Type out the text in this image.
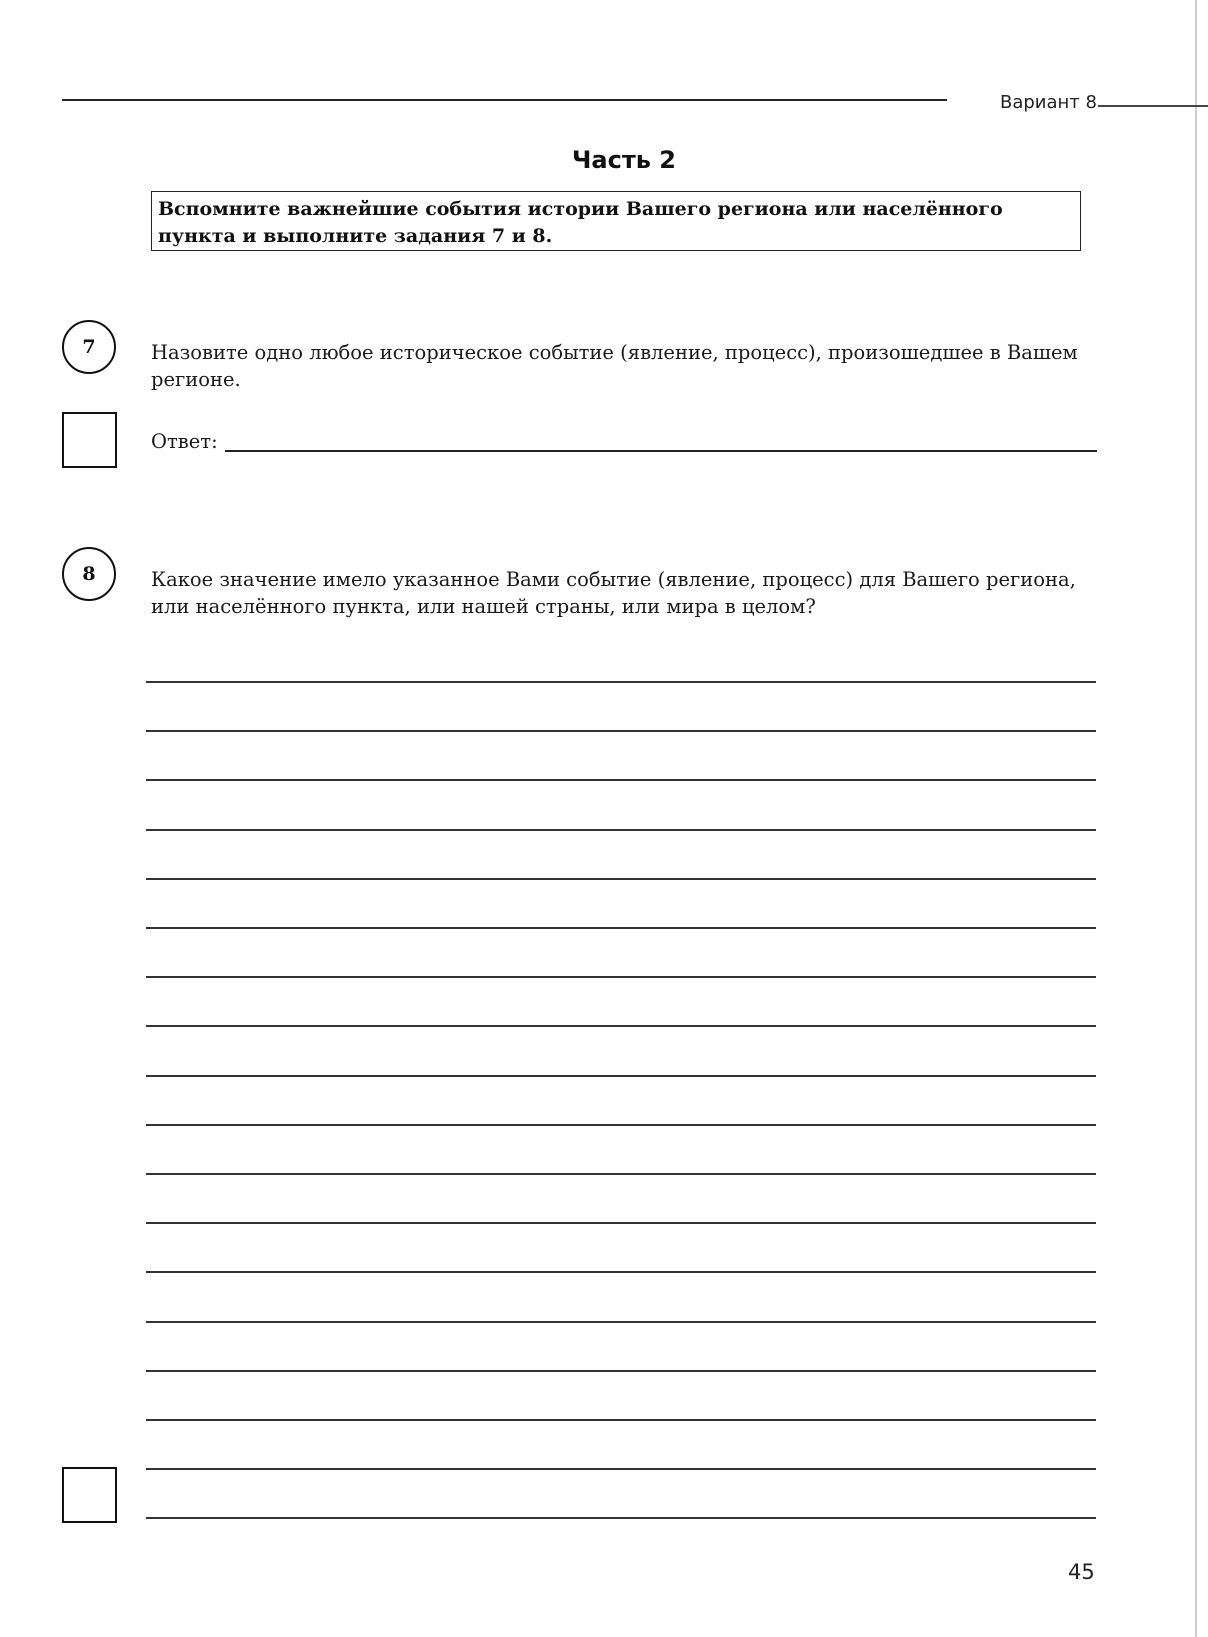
Вариант 8
Часть 2
Вспомните важнейшие события истории Вашего региона или населённого пункта и выполните задания 7 и 8.
7	Назовите одно любое историческое событие (явление, процесс), произошедшее в Вашем регионе.
Ответ:
8	Какое значение имело указанное Вами событие (явление, процесс) для Вашего региона, или населённого пункта, или нашей страны, или мира в целом?
45
